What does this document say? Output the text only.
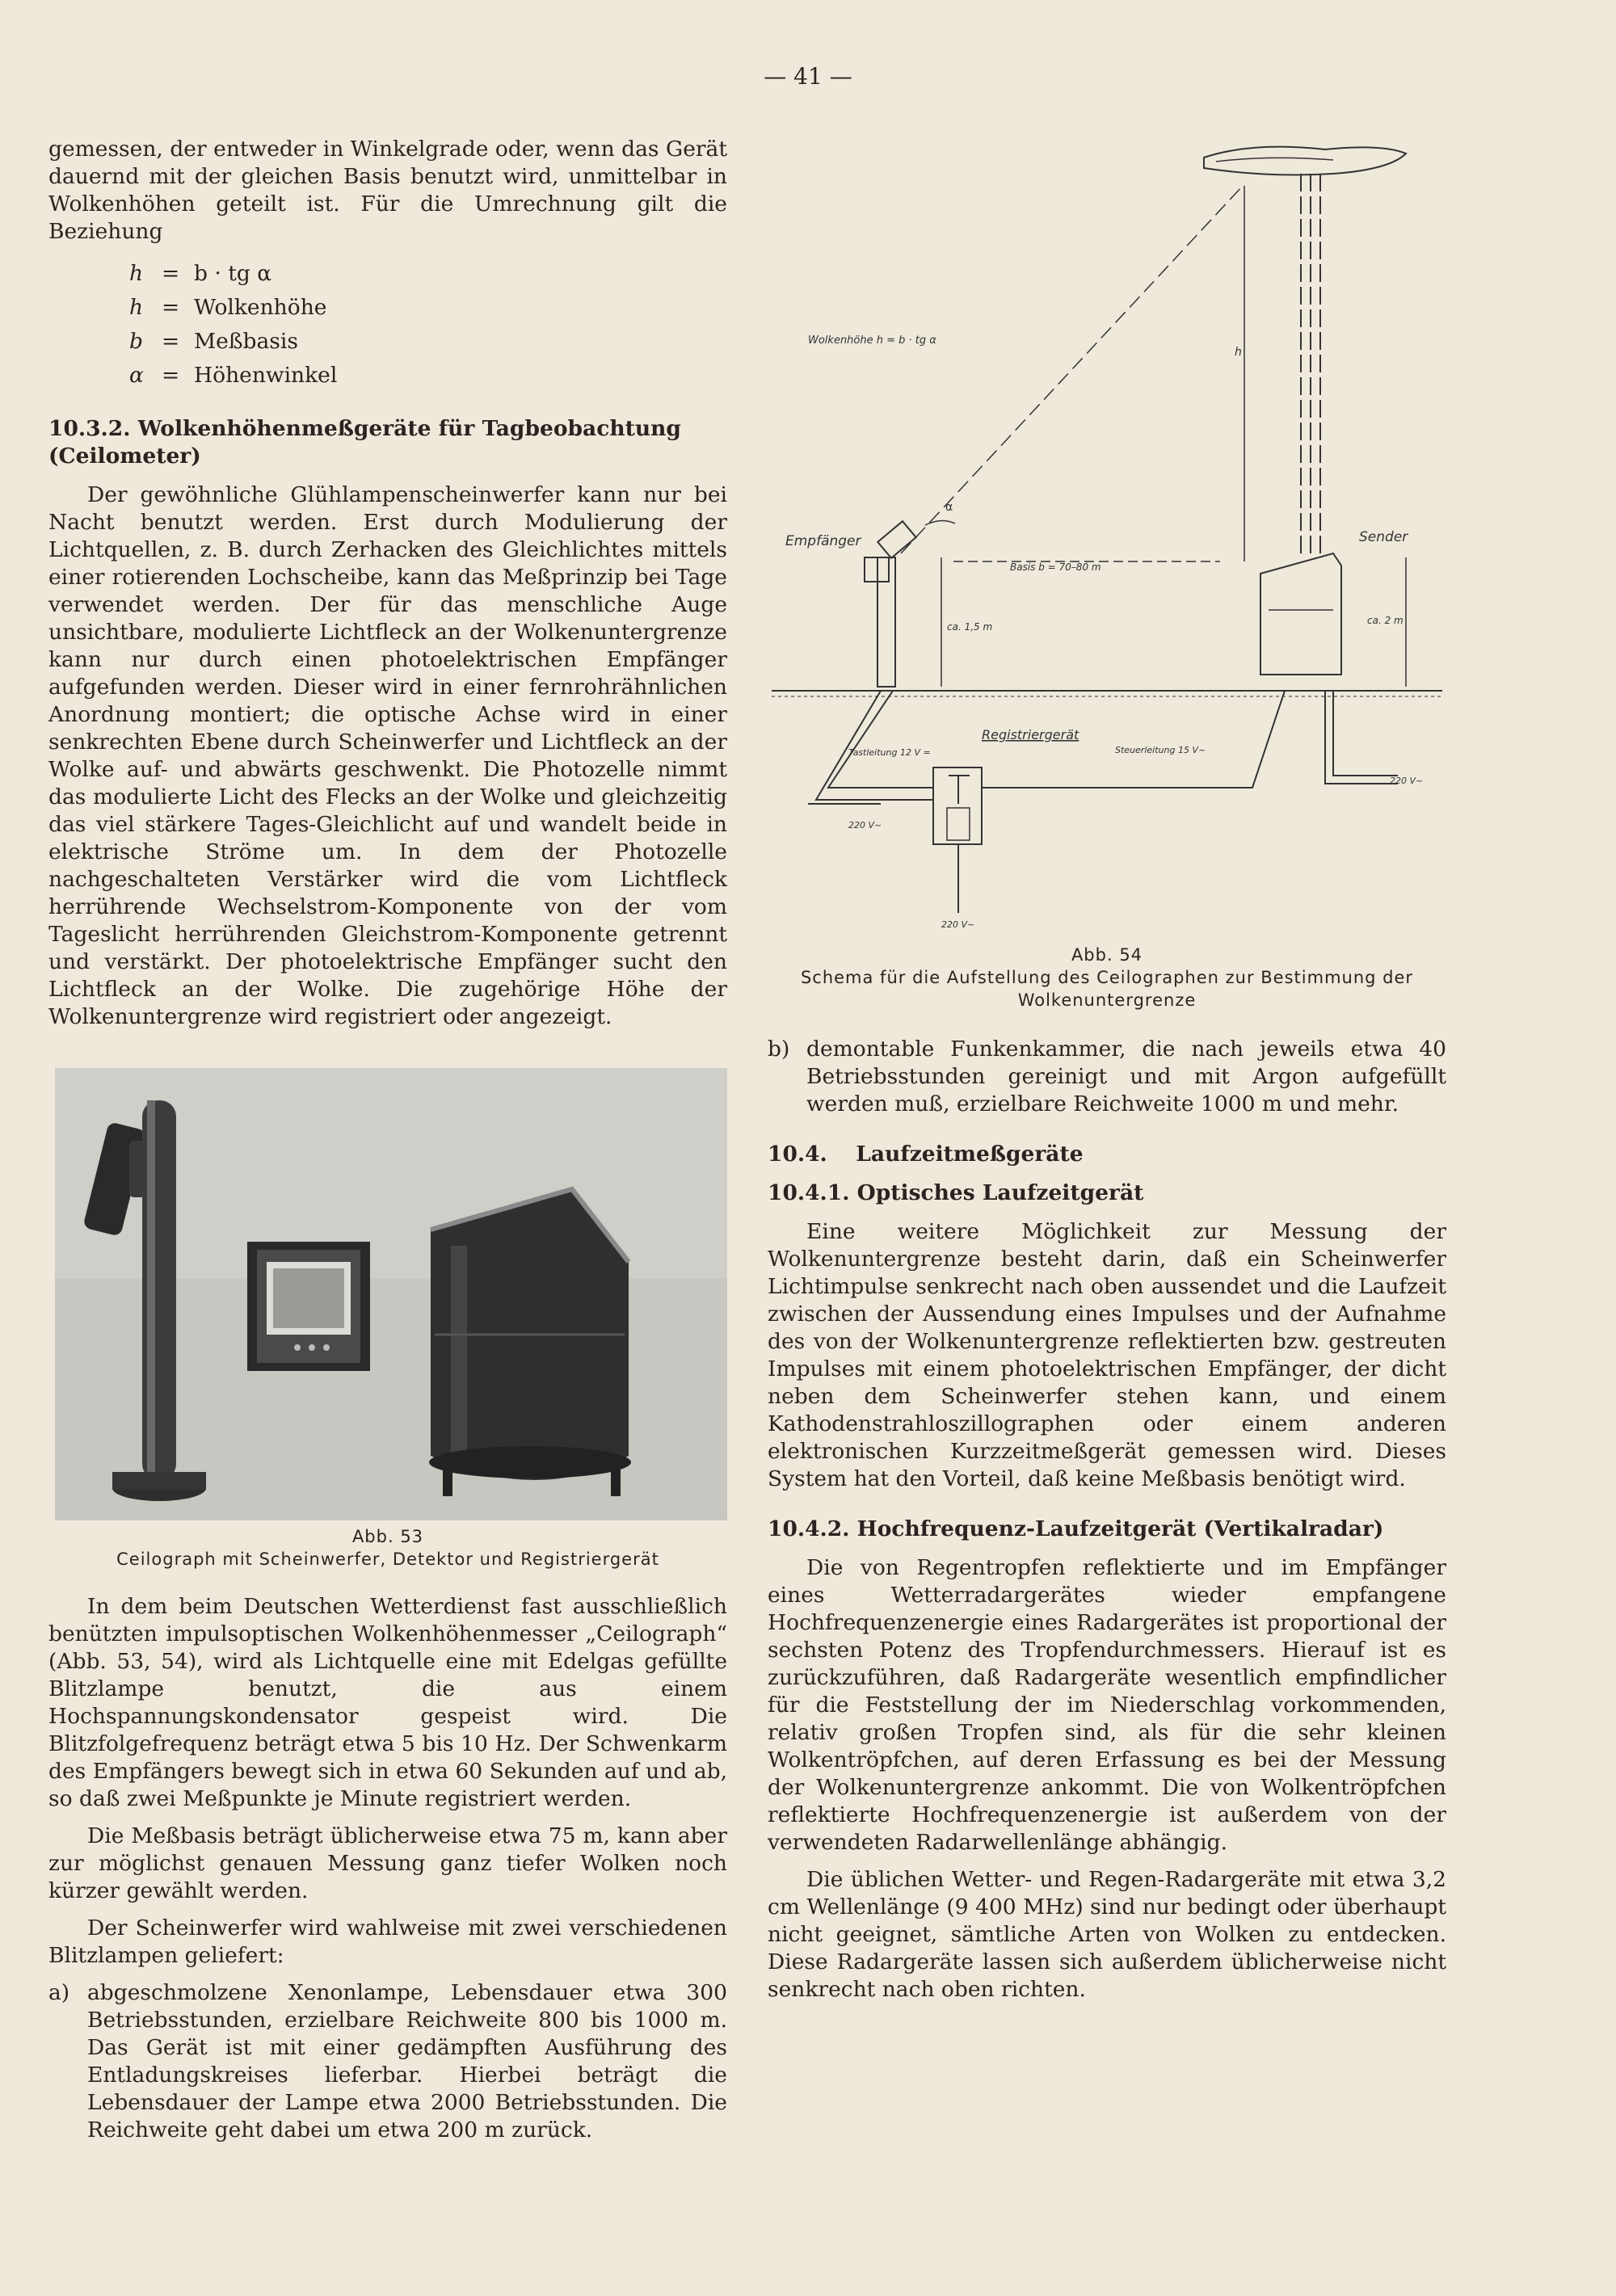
— 41 —

gemessen, der entweder in Winkelgrade oder, wenn das Gerät dauernd mit der gleichen Basis benutzt wird, unmittelbar in Wolkenhöhen geteilt ist. Für die Umrechnung gilt die Beziehung

h = b · tg α
h = Wolkenhöhe
b = Meßbasis
α = Höhenwinkel
10.3.2. Wolkenhöhenmeßgeräte für Tagbeobachtung (Ceilometer)

Der gewöhnliche Glühlampenscheinwerfer kann nur bei Nacht benutzt werden. Erst durch Modulierung der Lichtquellen, z. B. durch Zerhacken des Gleichlichtes mittels einer rotierenden Lochscheibe, kann das Meßprinzip bei Tage verwendet werden. Der für das menschliche Auge unsichtbare, modulierte Lichtfleck an der Wolkenuntergrenze kann nur durch einen photoelektrischen Empfänger aufgefunden werden. Dieser wird in einer fernrohrähnlichen Anordnung montiert; die optische Achse wird in einer senkrechten Ebene durch Scheinwerfer und Lichtfleck an der Wolke auf- und abwärts geschwenkt. Die Photozelle nimmt das modulierte Licht des Flecks an der Wolke und gleichzeitig das viel stärkere Tages-Gleichlicht auf und wandelt beide in elektrische Ströme um. In dem der Photozelle nachgeschalteten Verstärker wird die vom Lichtfleck herrührende Wechselstrom-Komponente von der vom Tageslicht herrührenden Gleichstrom-Komponente getrennt und verstärkt. Der photoelektrische Empfänger sucht den Lichtfleck an der Wolke. Die zugehörige Höhe der Wolkenuntergrenze wird registriert oder angezeigt.

Abb. 53
Ceilograph mit Scheinwerfer, Detektor und Registriergerät

In dem beim Deutschen Wetterdienst fast ausschließlich benützten impulsoptischen Wolkenhöhenmesser „Ceilograph“ (Abb. 53, 54), wird als Lichtquelle eine mit Edelgas gefüllte Blitzlampe benutzt, die aus einem Hochspannungskondensator gespeist wird. Die Blitzfolgefrequenz beträgt etwa 5 bis 10 Hz. Der Schwenkarm des Empfängers bewegt sich in etwa 60 Sekunden auf und ab, so daß zwei Meßpunkte je Minute registriert werden.

Die Meßbasis beträgt üblicherweise etwa 75 m, kann aber zur möglichst genauen Messung ganz tiefer Wolken noch kürzer gewählt werden.

Der Scheinwerfer wird wahlweise mit zwei verschiedenen Blitzlampen geliefert:

a) abgeschmolzene Xenonlampe, Lebensdauer etwa 300 Betriebsstunden, erzielbare Reichweite 800 bis 1000 m. Das Gerät ist mit einer gedämpften Ausführung des Entladungskreises lieferbar. Hierbei beträgt die Lebensdauer der Lampe etwa 2000 Betriebsstunden. Die Reichweite geht dabei um etwa 200 m zurück.
h
Wolkenhöhe h = b · tg α
α
Empfänger
Basis b = 70–80 m
ca. 1,5 m
ca. 2 m
Sender
Registriergerät
Tastleitung 12 V =	Steuerleitung 15 V~
220 V~
220 V~
220 V~
Abb. 54
Schema für die Aufstellung des Ceilographen zur Bestimmung der Wolkenuntergrenze
b) demontable Funkenkammer, die nach jeweils etwa 40 Betriebsstunden gereinigt und mit Argon aufgefüllt werden muß, erzielbare Reichweite 1000 m und mehr.
10.4. Laufzeitmeßgeräte
10.4.1. Optisches Laufzeitgerät

Eine weitere Möglichkeit zur Messung der Wolkenuntergrenze besteht darin, daß ein Scheinwerfer Lichtimpulse senkrecht nach oben aussendet und die Laufzeit zwischen der Aussendung eines Impulses und der Aufnahme des von der Wolkenuntergrenze reflektierten bzw. gestreuten Impulses mit einem photoelektrischen Empfänger, der dicht neben dem Scheinwerfer stehen kann, und einem Kathodenstrahloszillographen oder einem anderen elektronischen Kurzzeitmeßgerät gemessen wird. Dieses System hat den Vorteil, daß keine Meßbasis benötigt wird.

10.4.2. Hochfrequenz-Laufzeitgerät (Vertikalradar)

Die von Regentropfen reflektierte und im Empfänger eines Wetterradargerätes wieder empfangene Hochfrequenzenergie eines Radargerätes ist proportional der sechsten Potenz des Tropfendurchmessers. Hierauf ist es zurückzuführen, daß Radargeräte wesentlich empfindlicher für die Feststellung der im Niederschlag vorkommenden, relativ großen Tropfen sind, als für die sehr kleinen Wolkentröpfchen, auf deren Erfassung es bei der Messung der Wolkenuntergrenze ankommt. Die von Wolkentröpfchen reflektierte Hochfrequenzenergie ist außerdem von der verwendeten Radarwellenlänge abhängig.

Die üblichen Wetter- und Regen-Radargeräte mit etwa 3,2 cm Wellenlänge (9 400 MHz) sind nur bedingt oder überhaupt nicht geeignet, sämtliche Arten von Wolken zu entdecken. Diese Radargeräte lassen sich außerdem üblicherweise nicht senkrecht nach oben richten.
